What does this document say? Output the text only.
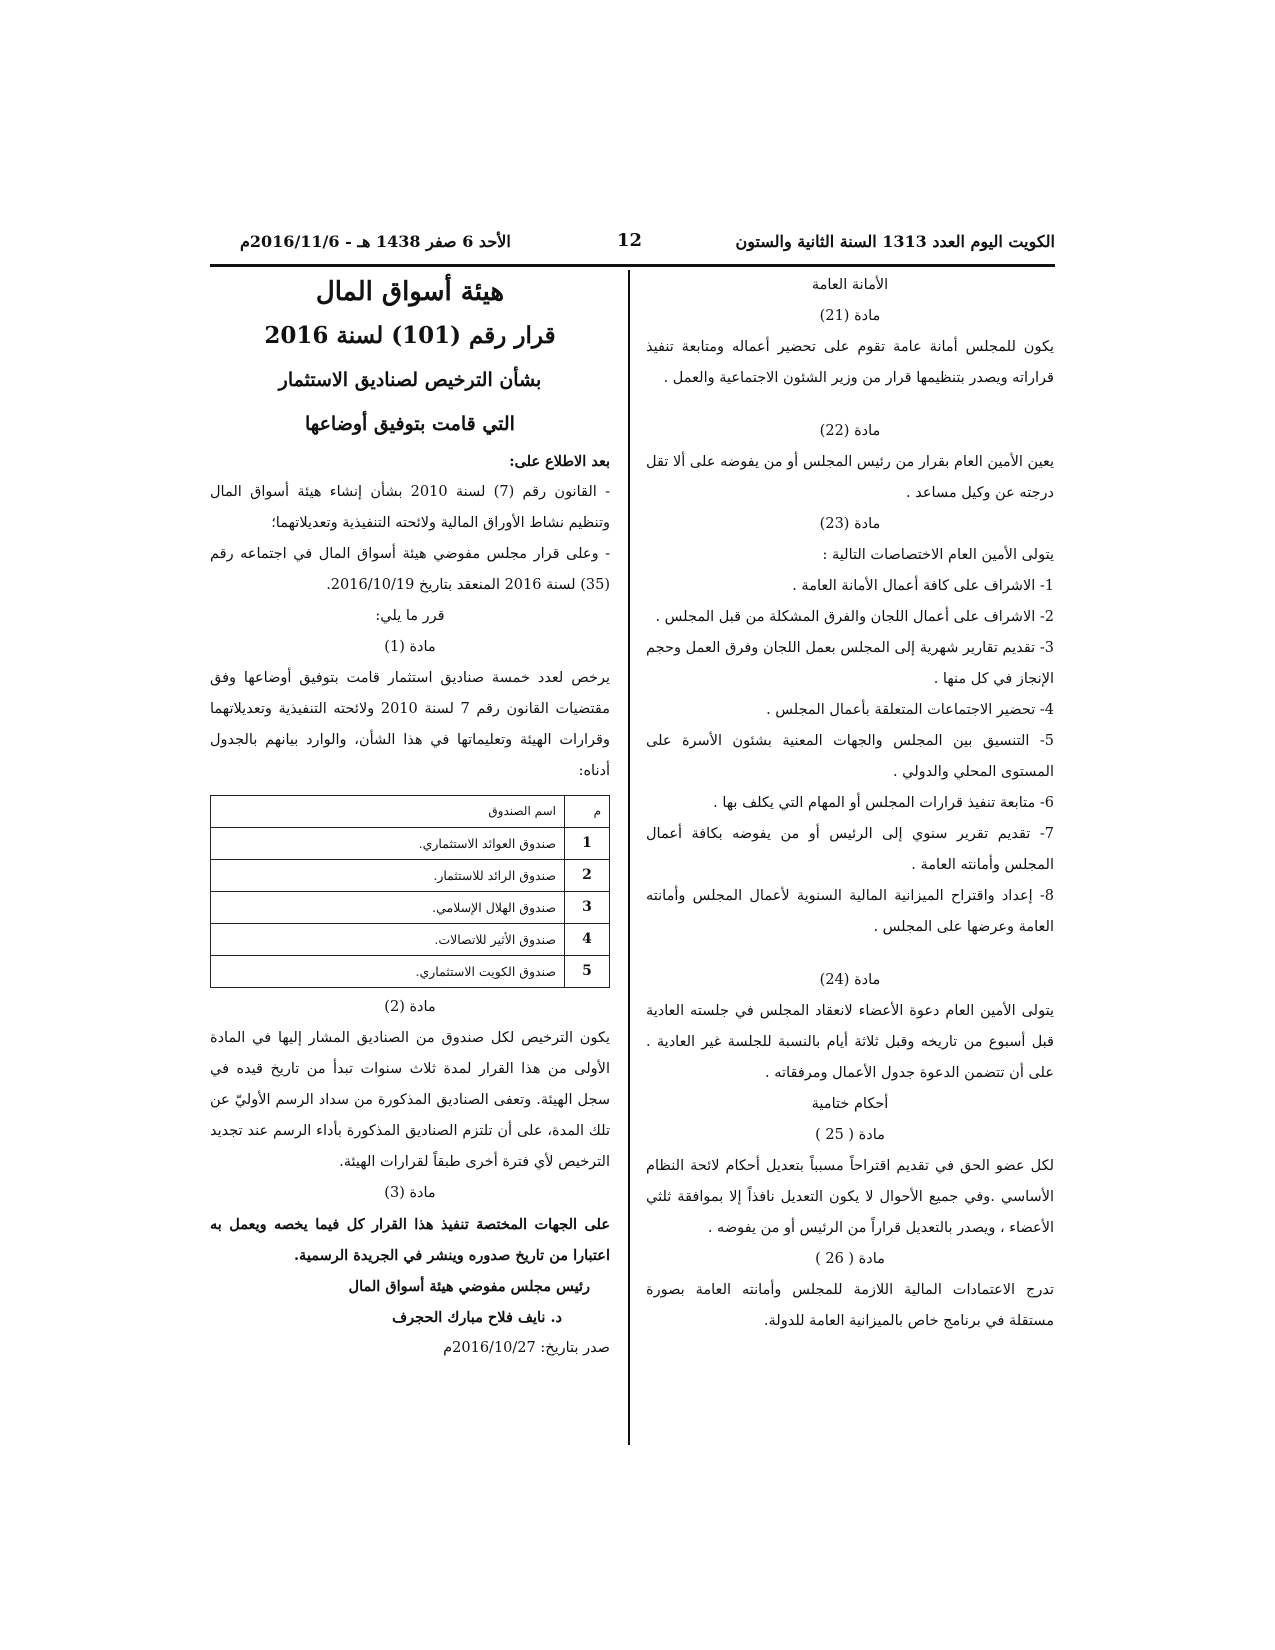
الكويت اليوم العدد 1313 السنة الثانية والستون
12
الأحد 6 صفر 1438 هـ - 2016/11/6م

الأمانة العامة

مادة (21)

يكون للمجلس أمانة عامة تقوم على تحضير أعماله ومتابعة تنفيذ قراراته ويصدر بتنظيمها قرار من وزير الشئون الاجتماعية والعمل .

مادة (22)

يعين الأمين العام بقرار من رئيس المجلس أو من يفوضه على ألا تقل درجته عن وكيل مساعد .

مادة (23)

يتولى الأمين العام الاختصاصات التالية :

1- الاشراف على كافة أعمال الأمانة العامة .

2- الاشراف على أعمال اللجان والفرق المشكلة من قبل المجلس .

3- تقديم تقارير شهرية إلى المجلس بعمل اللجان وفرق العمل وحجم الإنجاز في كل منها .

4- تحضير الاجتماعات المتعلقة بأعمال المجلس .

5- التنسيق بين المجلس والجهات المعنية بشئون الأسرة على المستوى المحلي والدولي .

6- متابعة تنفيذ قرارات المجلس أو المهام التي يكلف بها .

7- تقديم تقرير سنوي إلى الرئيس أو من يفوضه بكافة أعمال المجلس وأمانته العامة .

8- إعداد واقتراح الميزانية المالية السنوية لأعمال المجلس وأمانته العامة وعرضها على المجلس .

مادة (24)

يتولى الأمين العام دعوة الأعضاء لانعقاد المجلس في جلسته العادية قبل أسبوع من تاريخه وقبل ثلاثة أيام بالنسبة للجلسة غير العادية . على أن تتضمن الدعوة جدول الأعمال ومرفقاته .

أحكام ختامية

مادة ( 25 )

لكل عضو الحق في تقديم اقتراحاً مسبباً بتعديل أحكام لائحة النظام الأساسي .وفي جميع الأحوال لا يكون التعديل نافذاً إلا بموافقة ثلثي الأعضاء ، ويصدر بالتعديل قراراً من الرئيس أو من يفوضه .

مادة ( 26 )

تدرج الاعتمادات المالية اللازمة للمجلس وأمانته العامة بصورة مستقلة في برنامج خاص بالميزانية العامة للدولة.

هيئة أسواق المال

قرار رقم (101) لسنة 2016

بشأن الترخيص لصناديق الاستثمار

التي قامت بتوفيق أوضاعها

بعد الاطلاع على:

- القانون رقم (7) لسنة 2010 بشأن إنشاء هيئة أسواق المال وتنظيم نشاط الأوراق المالية ولائحته التنفيذية وتعديلاتهما؛

- وعلى قرار مجلس مفوضي هيئة أسواق المال في اجتماعه رقم (35) لسنة 2016 المنعقد بتاريخ 2016/10/19.

قرر ما يلي:

مادة (1)

يرخص لعدد خمسة صناديق استثمار قامت بتوفيق أوضاعها وفق مقتضيات القانون رقم 7 لسنة 2010 ولائحته التنفيذية وتعديلاتهما وقرارات الهيئة وتعليماتها في هذا الشأن، والوارد بيانهم بالجدول أدناه:

م	اسم الصندوق
1	صندوق العوائد الاستثماري.
2	صندوق الرائد للاستثمار.
3	صندوق الهلال الإسلامي.
4	صندوق الأثير للاتصالات.
5	صندوق الكويت الاستثماري.

مادة (2)

يكون الترخيص لكل صندوق من الصناديق المشار إليها في المادة الأولى من هذا القرار لمدة ثلاث سنوات تبدأ من تاريخ قيده في سجل الهيئة. وتعفى الصناديق المذكورة من سداد الرسم الأوليّ عن تلك المدة، على أن تلتزم الصناديق المذكورة بأداء الرسم عند تجديد الترخيص لأي فترة أخرى طبقاً لقرارات الهيئة.

مادة (3)

على الجهات المختصة تنفيذ هذا القرار كل فيما يخصه ويعمل به اعتبارا من تاريخ صدوره وينشر في الجريدة الرسمية.

رئيس مجلس مفوضي هيئة أسواق المال

د. نايف فلاح مبارك الحجرف

صدر بتاريخ: 2016/10/27م
